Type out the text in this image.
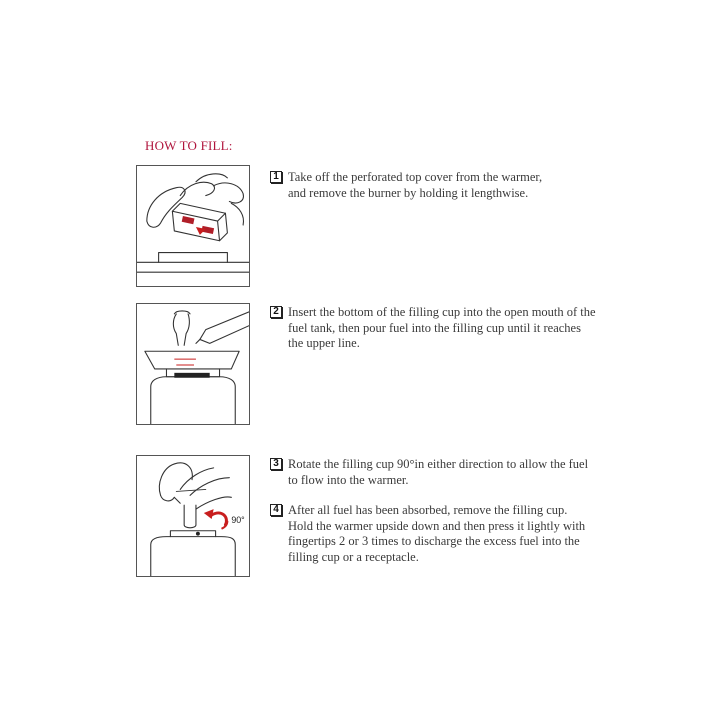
HOW TO FILL:
90°
1 Take off the perforated top cover from the warmer,
and remove the burner by holding it lengthwise.
2 Insert the bottom of the filling cup into the open mouth of the
fuel tank, then pour fuel into the filling cup until it reaches
the upper line.
3 Rotate the filling cup 90°in either direction to allow the fuel
to flow into the warmer.
4 After all fuel has been absorbed, remove the filling cup.
Hold the warmer upside down and then press it lightly with
fingertips 2 or 3 times to discharge the excess fuel into the
filling cup or a receptacle.
